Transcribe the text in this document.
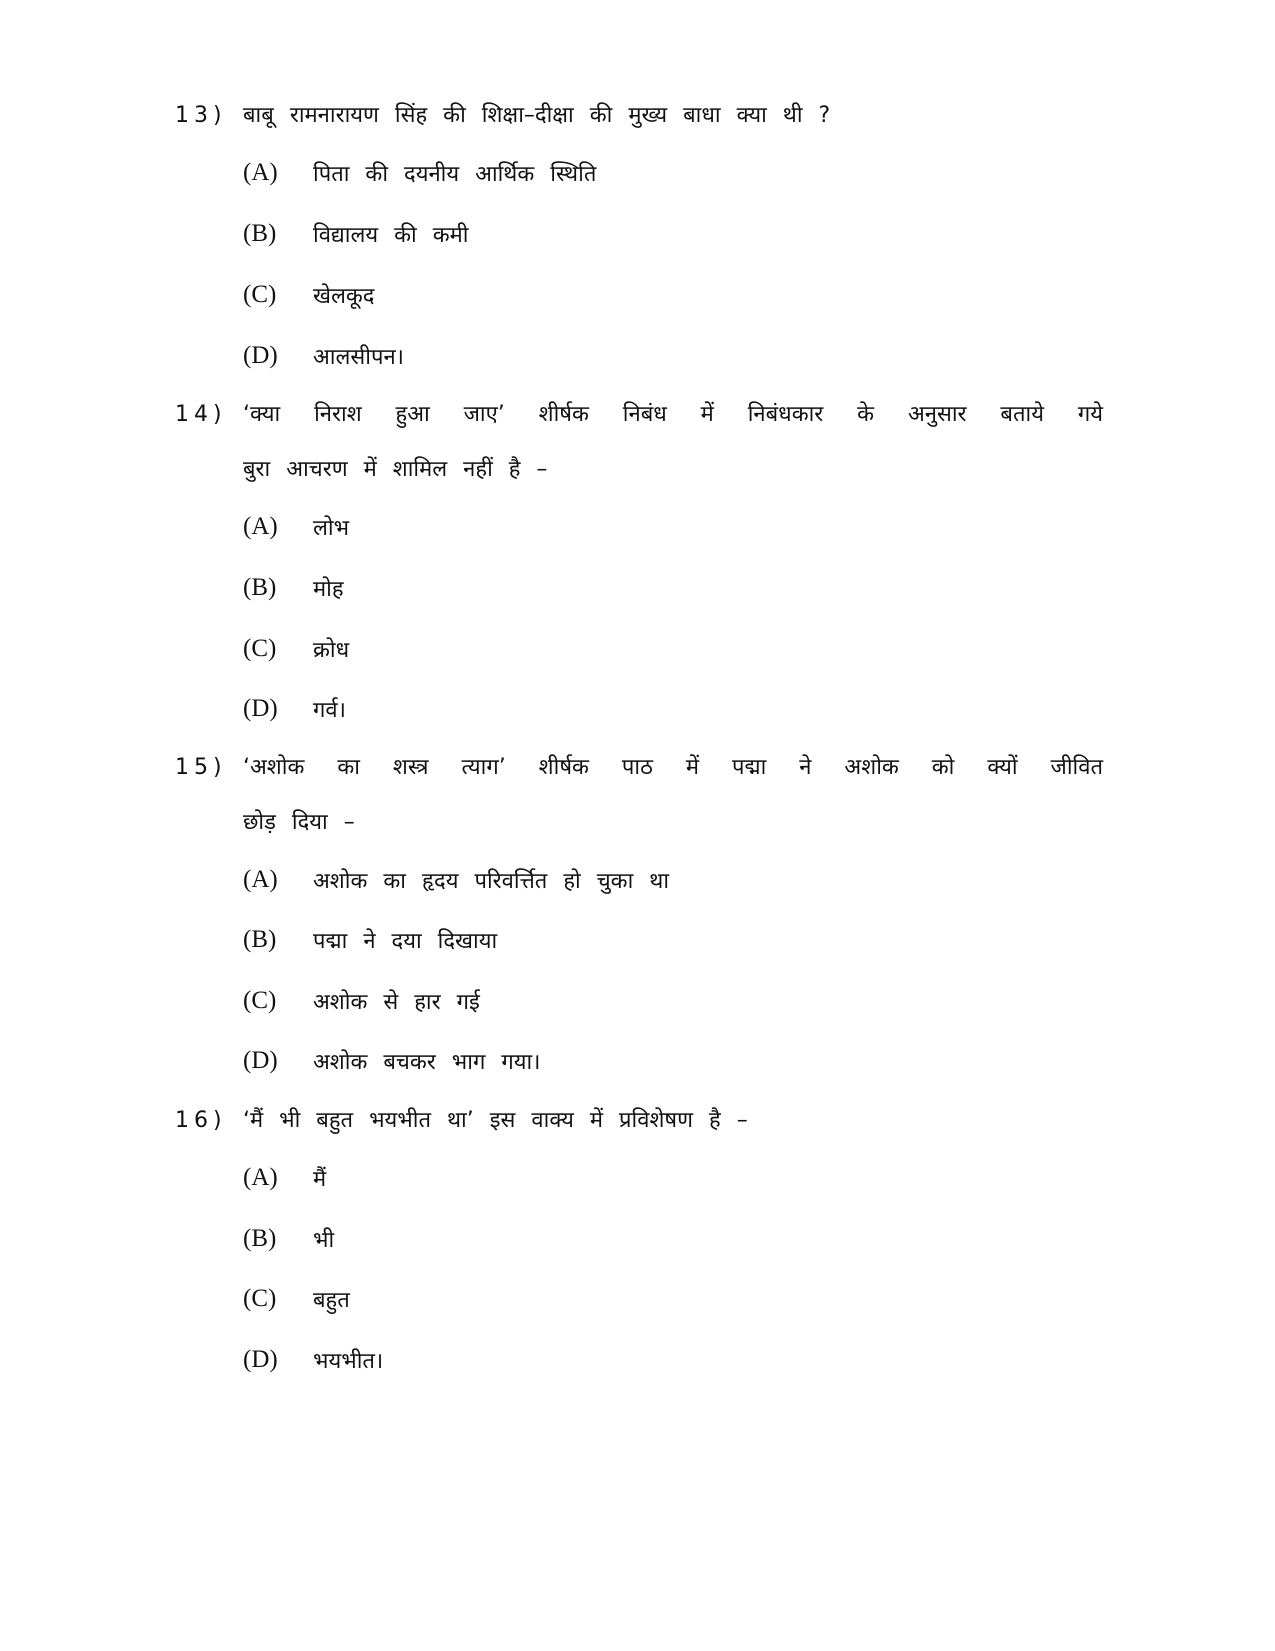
13) बाबू रामनारायण सिंह की शिक्षा–दीक्षा की मुख्य बाधा क्या थी ?
(A) पिता की दयनीय आर्थिक स्थिति
(B) विद्यालय की कमी
(C) खेलकूद
(D) आलसीपन।
14) ‘क्या निराश हुआ जाए’ शीर्षक निबंध में निबंधकार के अनुसार बताये गये
बुरा आचरण में शामिल नहीं है –
(A) लोभ
(B) मोह
(C) क्रोध
(D) गर्व।
15) ‘अशोक का शस्त्र त्याग’ शीर्षक पाठ में पद्मा ने अशोक को क्यों जीवित
छोड़ दिया –
(A) अशोक का हृदय परिवर्त्तित हो चुका था
(B) पद्मा ने दया दिखाया
(C) अशोक से हार गई
(D) अशोक बचकर भाग गया।
16) ‘मैं भी बहुत भयभीत था’ इस वाक्य में प्रविशेषण है –
(A) मैं
(B) भी
(C) बहुत
(D) भयभीत।
